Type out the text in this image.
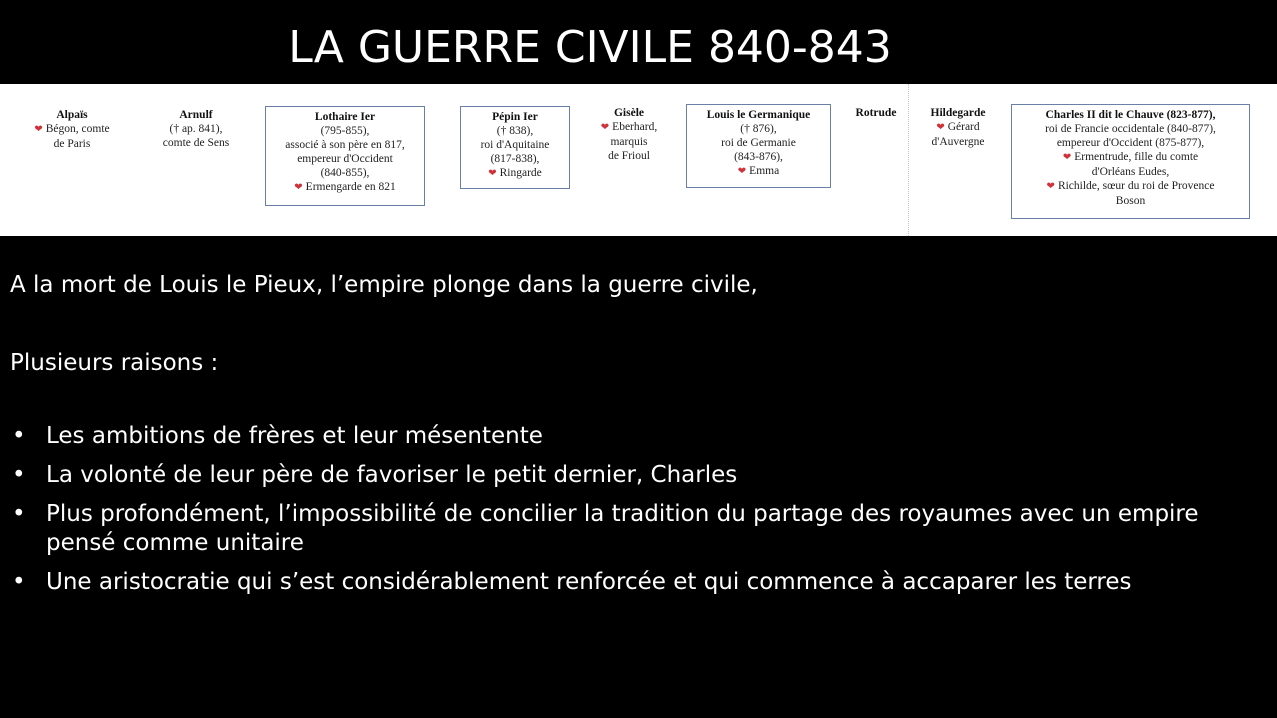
LA GUERRE CIVILE 840-843
Alpaïs
❤ Bégon, comte
de Paris
Arnulf
(† ap. 841),
comte de Sens
Lothaire Ier
(795-855),
associé à son père en 817,
empereur d'Occident
(840-855),
❤ Ermengarde en 821
Pépin Ier
(† 838),
roi d'Aquitaine
(817-838),
❤ Ringarde
Gisèle
❤ Eberhard,
marquis
de Frioul
Louis le Germanique
(† 876),
roi de Germanie
(843-876),
❤ Emma
Rotrude	Hildegarde
❤ Gérard
d'Auvergne
Charles II dit le Chauve (823-877),
roi de Francie occidentale (840-877),
empereur d'Occident (875-877),
❤ Ermentrude, fille du comte
d'Orléans Eudes,
❤ Richilde, sœur du roi de Provence
Boson

A la mort de Louis le Pieux, l’empire plonge dans la guerre civile,

Plusieurs raisons :

• Les ambitions de frères et leur mésentente
• La volonté de leur père de favoriser le petit dernier, Charles
• Plus profondément, l’impossibilité de concilier la tradition du partage des royaumes avec un empire pensé comme unitaire
• Une aristocratie qui s’est considérablement renforcée et qui commence à accaparer les terres
